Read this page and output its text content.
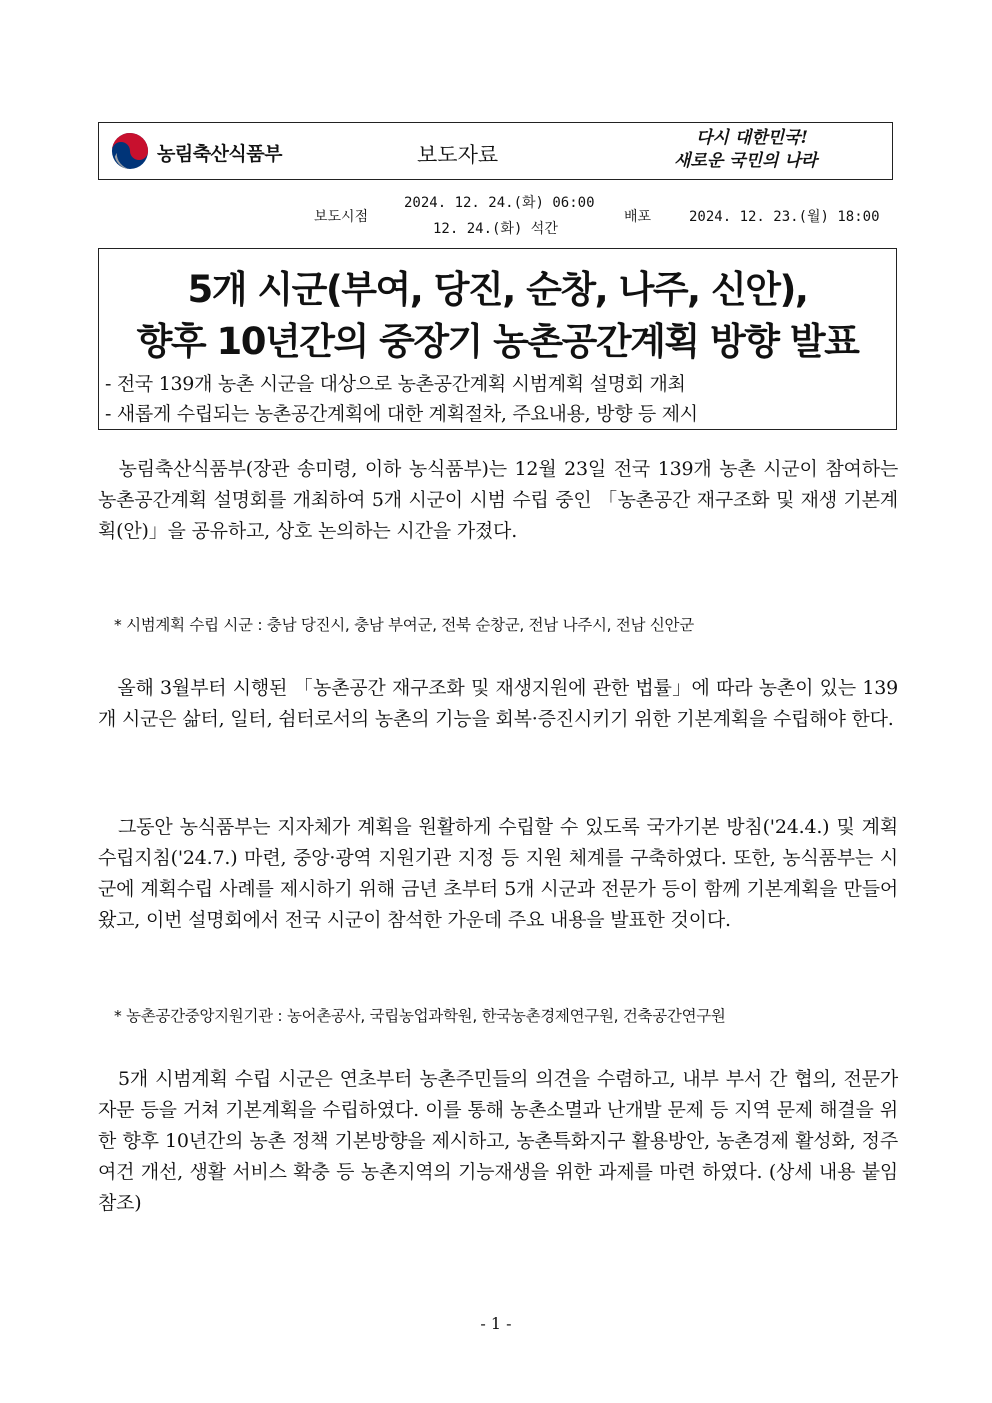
농림축산식품부	보도자료
다시 대한민국!
새로운 국민의 나라
보도시점
2024. 12. 24.(화) 06:00
12. 24.(화) 석간
배포	2024. 12. 23.(월) 18:00
5개 시군(부여, 당진, 순창, 나주, 신안),
향후 10년간의 중장기 농촌공간계획 방향 발표
- 전국 139개 농촌 시군을 대상으로 농촌공간계획 시범계획 설명회 개최
- 새롭게 수립되는 농촌공간계획에 대한 계획절차, 주요내용, 방향 등 제시

　농림축산식품부(장관 송미령, 이하 농식품부)는 12월 23일 전국 139개 농촌 시군이 참여하는 농촌공간계획 설명회를 개최하여 5개 시군이 시범 수립 중인 「농촌공간 재구조화 및 재생 기본계획(안)」을 공유하고, 상호 논의하는 시간을 가졌다.

* 시범계획 수립 시군 : 충남 당진시, 충남 부여군, 전북 순창군, 전남 나주시, 전남 신안군

　올해 3월부터 시행된 「농촌공간 재구조화 및 재생지원에 관한 법률」에 따라 농촌이 있는 139개 시군은 삶터, 일터, 쉼터로서의 농촌의 기능을 회복·증진시키기 위한 기본계획을 수립해야 한다.

　그동안 농식품부는 지자체가 계획을 원활하게 수립할 수 있도록 국가기본 방침('24.4.) 및 계획수립지침('24.7.) 마련, 중앙·광역 지원기관 지정 등 지원 체계를 구축하였다. 또한, 농식품부는 시군에 계획수립 사례를 제시하기 위해 금년 초부터 5개 시군과 전문가 등이 함께 기본계획을 만들어 왔고, 이번 설명회에서 전국 시군이 참석한 가운데 주요 내용을 발표한 것이다.

* 농촌공간중앙지원기관 : 농어촌공사, 국립농업과학원, 한국농촌경제연구원, 건축공간연구원

　5개 시범계획 수립 시군은 연초부터 농촌주민들의 의견을 수렴하고, 내부 부서 간 협의, 전문가 자문 등을 거쳐 기본계획을 수립하였다. 이를 통해 농촌소멸과 난개발 문제 등 지역 문제 해결을 위한 향후 10년간의 농촌 정책 기본방향을 제시하고, 농촌특화지구 활용방안, 농촌경제 활성화, 정주 여건 개선, 생활 서비스 확충 등 농촌지역의 기능재생을 위한 과제를 마련 하였다. (상세 내용 붙임 참조)

- 1 -
